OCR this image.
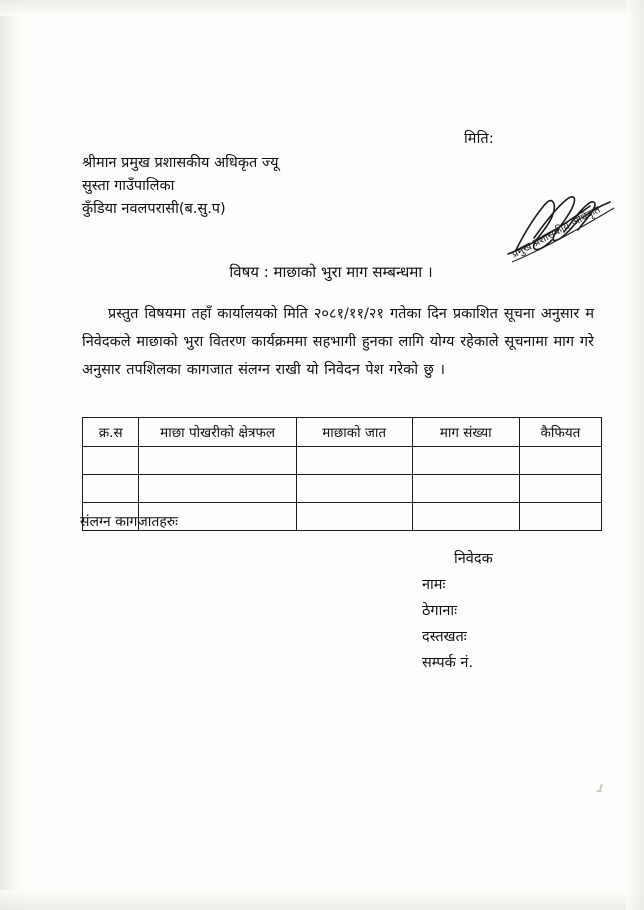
मिति:
श्रीमान प्रमुख प्रशासकीय अधिकृत ज्यू
सुस्ता गाउँपालिका
कुँडिया नवलपरासी(ब.सु.प)	प्रमुख प्रशासकीय अधिकृत
विषय : माछाको भुरा माग सम्बन्धमा ।
प्रस्तुत विषयमा तहाँ कार्यालयको मिति २०८१/११/२१ गतेका दिन प्रकाशित सूचना अनुसार म निवेदकले माछाको भुरा वितरण कार्यक्रममा सहभागी हुनका लागि योग्य रहेकाले सूचनामा माग गरे अनुसार तपशिलका कागजात संलग्न राखी यो निवेदन पेश गरेको छु ।
क्र.स	माछा पोखरीको क्षेत्रफल	माछाको जात	माग संख्या	कैफियत

संलग्न कागजातहरुः
निवेदक
नामः
ठेगानाः
दस्तखतः
सम्पर्क नं.
